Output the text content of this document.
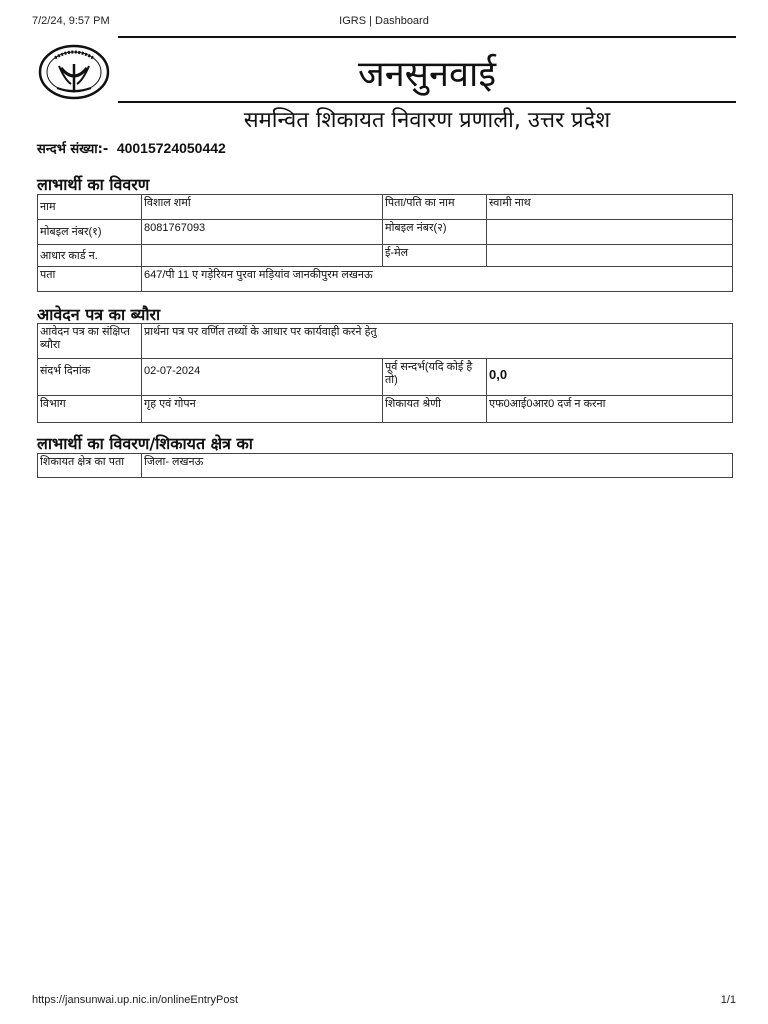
7/2/24, 9:57 PM	IGRS | Dashboard
जनसुनवाई
समन्वित शिकायत निवारण प्रणाली, उत्तर प्रदेश
सन्दर्भ संख्या:- 40015724050442
लाभार्थी का विवरण
नाम	विशाल शर्मा	पिता/पति का नाम	स्वामी नाथ
मोबइल नंबर(१)	8081767093	मोबइल नंबर(२)	
आधार कार्ड न.		ई-मेल	
पता	647/पी 11 ए गड़ेरियन पुरवा मड़ियांव जानकीपुरम लखनऊ		
आवेदन पत्र का ब्यौरा
आवेदन पत्र का संक्षिप्त ब्यौरा	प्रार्थना पत्र पर वर्णित तथ्यों के आधार पर कार्यवाही करने हेतु		
संदर्भ दिनांक	02-07-2024	पूर्व सन्दर्भ(यदि कोई है तो)	0,0
विभाग	गृह एवं गोपन	शिकायत श्रेणी	एफ0आई0आर0 दर्ज न करना
लाभार्थी का विवरण/शिकायत क्षेत्र का
शिकायत क्षेत्र का पता	जिला- लखनऊ
https://jansunwai.up.nic.in/onlineEntryPost	1/1
